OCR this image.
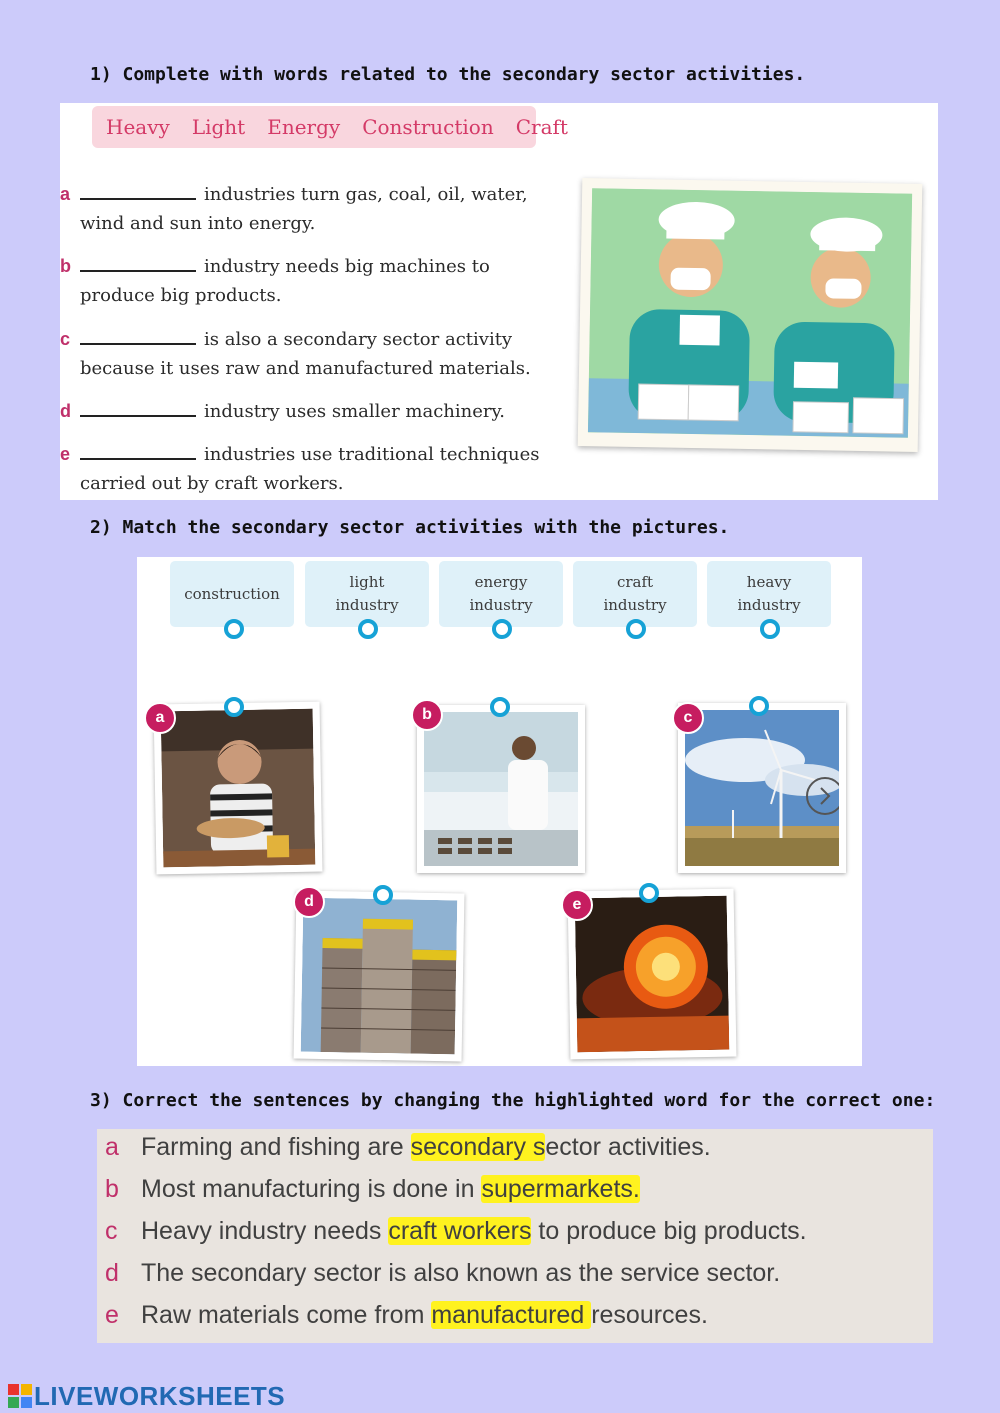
1) Complete with words related to the secondary sector activities.
Heavy Light Energy Construction Craft
a	industries turn gas, coal, oil, water,
wind and sun into energy.
b	industry needs big machines to
produce big products.
c	is also a secondary sector activity
because it uses raw and manufactured materials.
d	industry uses smaller machinery.
e	industries use traditional techniques
carried out by craft workers.
2) Match the secondary sector activities with the pictures.
construction
light
industry
energy
industry
craft
industry
heavy
industry
a	b	c
d	e
3) Correct the sentences by changing the highlighted word for the correct one:
a Farming and fishing are secondary sector activities.
b Most manufacturing is done in supermarkets.
c Heavy industry needs craft workers to produce big products.
d The secondary sector is also known as the service sector.
e Raw materials come from manufactured resources.
LIVEWORKSHEETS
